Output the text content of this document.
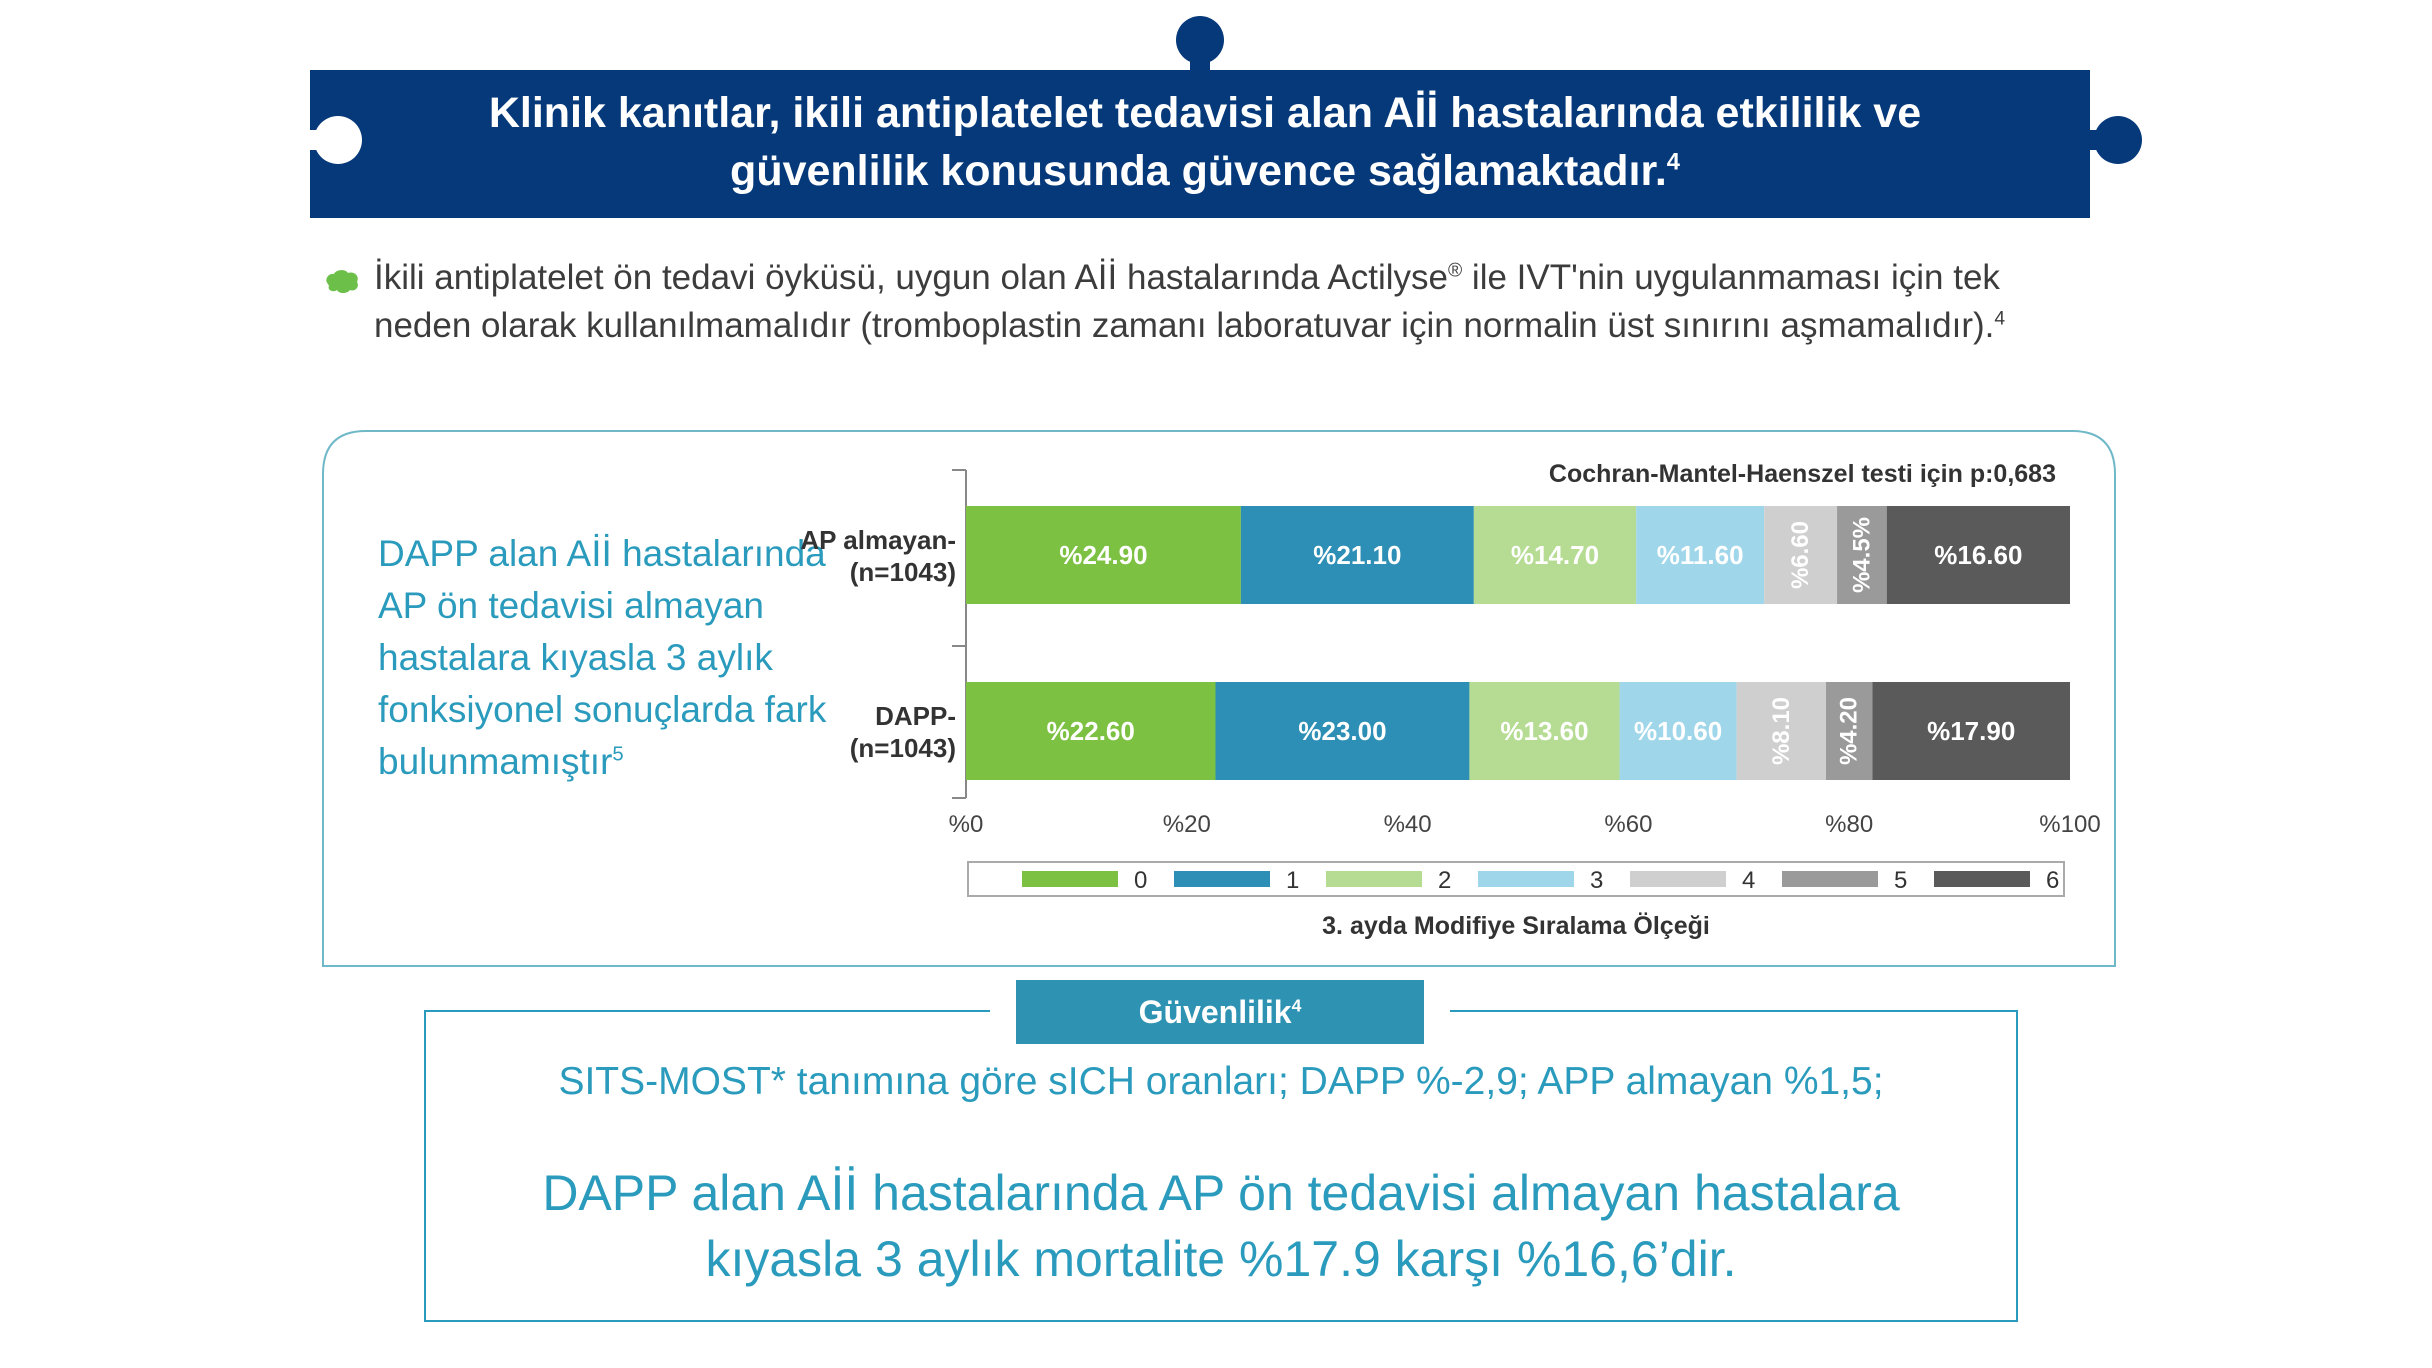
Klinik kanıtlar, ikili antiplatelet tedavisi alan Aİİ hastalarında etkililik ve
güvenlilik konusunda güvence sağlamaktadır.$^4$
İkili antiplatelet ön tedavi öyküsü, uygun olan Aİİ hastalarında Actilyse® ile IVT'nin uygulanmaması için tek neden olarak kullanılmamalıdır (tromboplastin zamanı laboratuvar için normalin üst sınırını aşmamalıdır).$^4$
DAPP alan Aİİ hastalarında AP ön tedavisi almayan hastalara kıyasla 3 aylık fonksiyonel sonuçlarda fark bulunmamıştır$^5$
Cochran-Mantel-Haenszel testi için p:0,683
AP almayan-
(n=1043)
DAPP-
(n=1043)
%24.90	%21.10	%14.70 %11.60 %6.60 %4.5% %16.60
%22.60	%23.00	%13.60 %10.60 %8.10 %4.20 %17.90
%0	%20	%40	%60	%80	%100
0	1	2	3	4	5	6
3. ayda Modifiye Sıralama Ölçeği
Güvenlilik$^4$
SITS-MOST* tanımına göre sICH oranları; DAPP %-2,9; APP almayan %1,5;
DAPP alan Aİİ hastalarında AP ön tedavisi almayan hastalara
kıyasla 3 aylık mortalite %17.9 karşı %16,6’dir.
